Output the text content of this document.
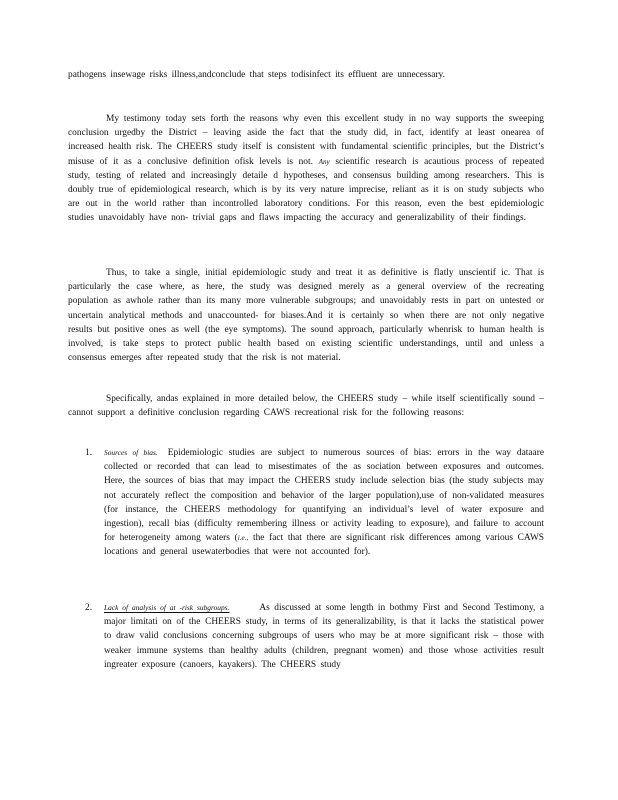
pathogens insewage risks illness,andconclude that steps todisinfect its effluent are unnecessary.

My testimony today sets forth the reasons why even this excellent study in no way supports the sweeping conclusion urgedby the District – leaving aside the fact that the study did, in fact, identify at least onearea of increased health risk. The CHEERS study itself is consistent with fundamental scientific principles, but the District’s misuse of it as a conclusive definition ofisk levels is not. Any scientific research is acautious process of repeated study, testing of related and increasingly detaile d hypotheses, and consensus building among researchers. This is doubly true of epidemiological research, which is by its very nature imprecise, reliant as it is on study subjects who are out in the world rather than incontrolled laboratory conditions. For this reason, even the best epidemiologic studies unavoidably have non- trivial gaps and flaws impacting the accuracy and generalizability of their findings.

Thus, to take a single, initial epidemiologic study and treat it as definitive is flatly unscientif ic. That is particularly the case where, as here, the study was designed merely as a general overview of the recreating population as awhole rather than its many more vulnerable subgroups; and unavoidably rests in part on untested or uncertain analytical methods and unaccounted- for biases.And it is certainly so when there are not only negative results but positive ones as well (the eye symptoms). The sound approach, particularly whenrisk to human health is involved, is take steps to protect public health based on existing scientific understandings, until and unless a consensus emerges after repeated study that the risk is not material.

Specifically, andas explained in more detailed below, the CHEERS study – while itself scientifically sound – cannot support a definitive conclusion regarding CAWS recreational risk for the following reasons:

1. Sources of bias. Epidemiologic studies are subject to numerous sources of bias: errors in the way dataare collected or recorded that can lead to misestimates of the as sociation between exposures and outcomes. Here, the sources of bias that may impact the CHEERS study include selection bias (the study subjects may not accurately reflect the composition and behavior of the larger population),use of non-validated measures (for instance, the CHEERS methodology for quantifying an individual’s level of water exposure and ingestion), recall bias (difficulty remembering illness or activity leading to exposure), and failure to account for heterogeneity among waters (i.e., the fact that there are significant risk differences among various CAWS locations and general usewaterbodies that were not accounted for).
2. Lack of analysis of at -risk subgroups.	As discussed at some length in bothmy First and Second Testimony, a major limitati on of the CHEERS study, in terms of its generalizability, is that it lacks the statistical power to draw valid conclusions concerning subgroups of users who may be at more significant risk – those with weaker immune systems than healthy adults (children, pregnant women) and those whose activities result ingreater exposure (canoers, kayakers). The CHEERS study
